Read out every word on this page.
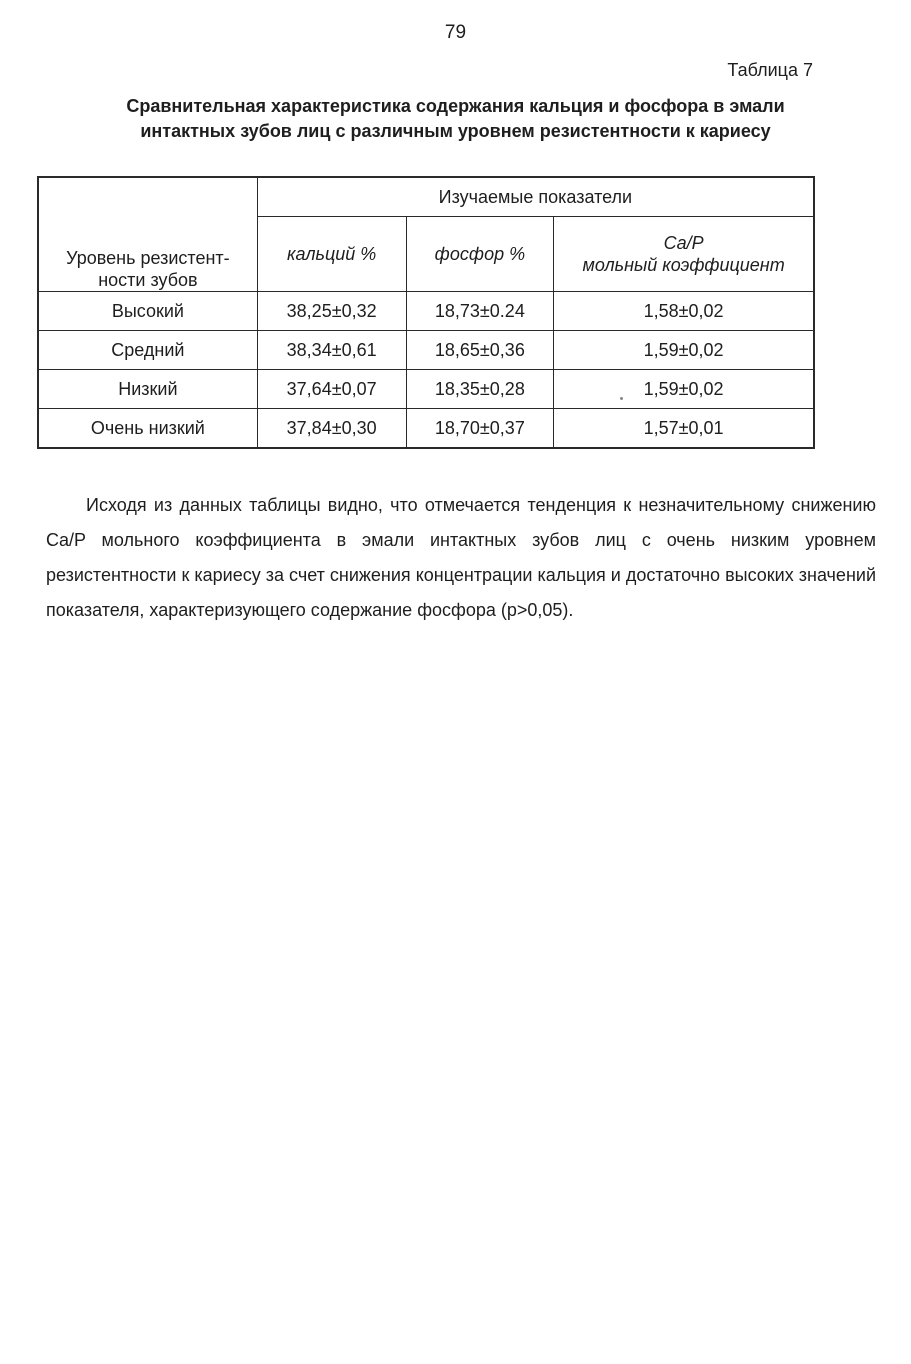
79
Таблица 7
Сравнительная характеристика содержания кальция и фосфора в эмали
интактных зубов лиц с различным уровнем резистентности к кариесу
Уровень резистент-
ности зубов	Изучаемые показатели		
	кальций %	фосфор %	Ca/P
мольный коэффициент

Высокий	38,25±0,32	18,73±0.24	1,58±0,02
Средний	38,34±0,61	18,65±0,36	1,59±0,02
Низкий	37,64±0,07	18,35±0,28	1,59±0,02
Очень низкий	37,84±0,30	18,70±0,37	1,57±0,01

Исходя из данных таблицы видно, что отмечается тенденция к незначительному снижению Ca/P мольного коэффициента в эмали интактных зубов лиц с очень низким уровнем резистентности к кариесу за счет снижения концентрации кальция и достаточно высоких значений показателя, характеризующего содержание фосфора (p>0,05).
